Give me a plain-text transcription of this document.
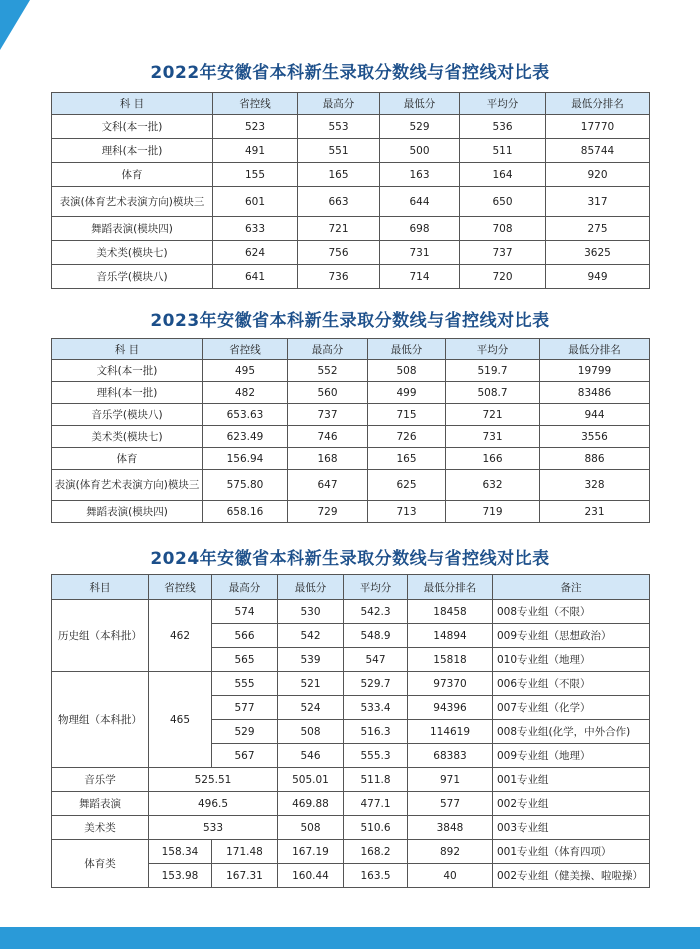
2022年安徽省本科新生录取分数线与省控线对比表
科 目	省控线	最高分	最低分	平均分	最低分排名
文科(本一批)	523	553	529	536	17770
理科(本一批)	491	551	500	511	85744
体育	155	165	163	164	920
表演(体育艺术表演方向)模块三	601	663	644	650	317
舞蹈表演(模块四)	633	721	698	708	275
美术类(模块七)	624	756	731	737	3625
音乐学(模块八)	641	736	714	720	949
2023年安徽省本科新生录取分数线与省控线对比表
科 目	省控线	最高分	最低分	平均分	最低分排名
文科(本一批)	495	552	508	519.7	19799
理科(本一批)	482	560	499	508.7	83486
音乐学(模块八)	653.63	737	715	721	944
美术类(模块七)	623.49	746	726	731	3556
体育	156.94	168	165	166	886
表演(体育艺术表演方向)模块三	575.80	647	625	632	328
舞蹈表演(模块四)	658.16	729	713	719	231
2024年安徽省本科新生录取分数线与省控线对比表
科目	省控线	最高分	最低分	平均分	最低分排名	备注
历史组（本科批）	462	574	530	542.3	18458	008专业组（不限）
		566	542	548.9	14894	009专业组（思想政治）
		565	539	547	15818	010专业组（地理）
物理组（本科批）	465	555	521	529.7	97370	006专业组（不限）
		577	524	533.4	94396	007专业组（化学）
		529	508	516.3	114619	008专业组(化学，中外合作)
		567	546	555.3	68383	009专业组（地理）
音乐学	525.51		505.01	511.8	971	001专业组
舞蹈表演	496.5		469.88	477.1	577	002专业组
美术类	533		508	510.6	3848	003专业组
体育类	158.34	171.48	167.19	168.2	892	001专业组（体育四项）
	153.98	167.31	160.44	163.5	40	002专业组（健美操、啦啦操）
